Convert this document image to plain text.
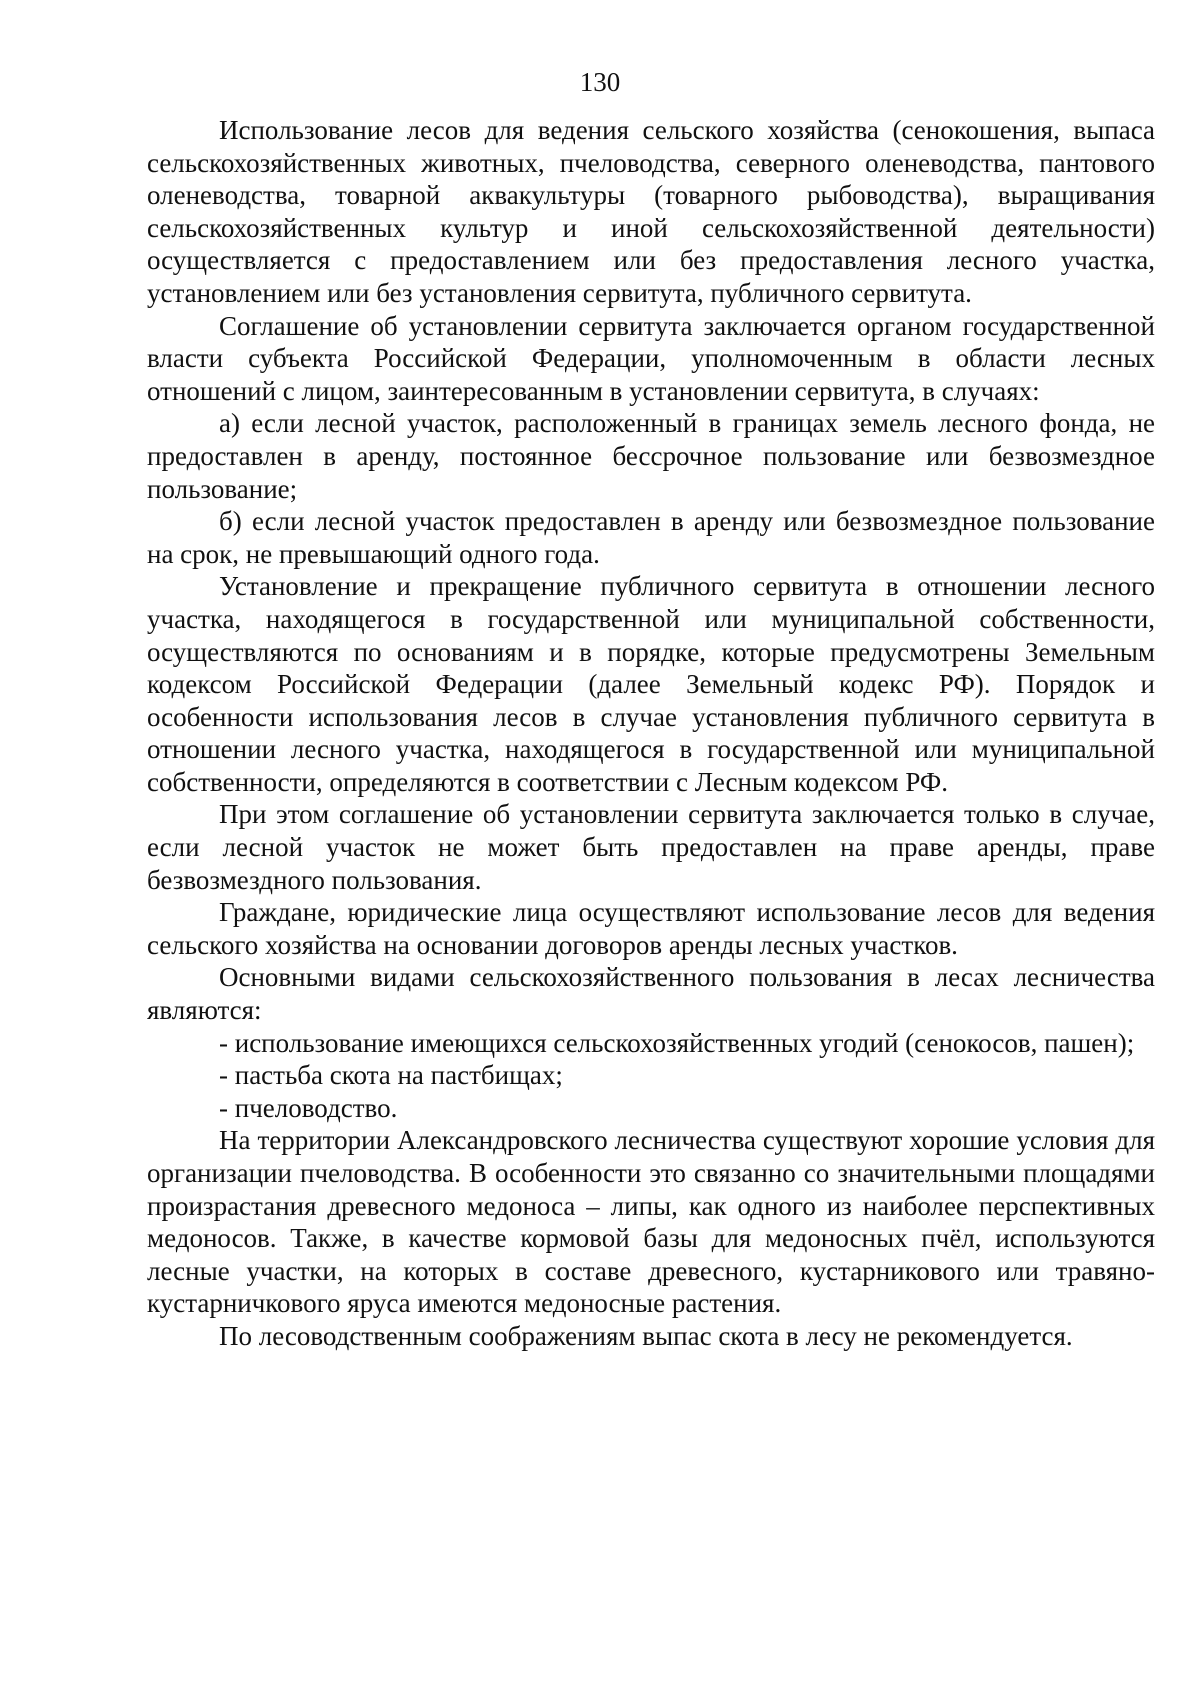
130

Использование лесов для ведения сельского хозяйства (сенокошения, выпаса сельскохозяйственных животных, пчеловодства, северного оленеводства, пантового оленеводства, товарной аквакультуры (товарного рыбоводства), выращивания сельскохозяйственных культур и иной сельскохозяйственной деятельности) осуществляется с предоставлением или без предоставления лесного участка, установлением или без установления сервитута, публичного сервитута.

Соглашение об установлении сервитута заключается органом государственной власти субъекта Российской Федерации, уполномоченным в области лесных отношений с лицом, заинтересованным в установлении сервитута, в случаях:

а) если лесной участок, расположенный в границах земель лесного фонда, не предоставлен в аренду, постоянное бессрочное пользование или безвозмездное пользование;

б) если лесной участок предоставлен в аренду или безвозмездное пользование на срок, не превышающий одного года.

Установление и прекращение публичного сервитута в отношении лесного участка, находящегося в государственной или муниципальной собственности, осуществляются по основаниям и в порядке, которые предусмотрены Земельным кодексом Российской Федерации (далее Земельный кодекс РФ). Порядок и особенности использования лесов в случае установления публичного сервитута в отношении лесного участка, находящегося в государственной или муниципальной собственности, определяются в соответствии с Лесным кодексом РФ.

При этом соглашение об установлении сервитута заключается только в случае, если лесной участок не может быть предоставлен на праве аренды, праве безвозмездного пользования.

Граждане, юридические лица осуществляют использование лесов для ведения сельского хозяйства на основании договоров аренды лесных участков.

Основными видами сельскохозяйственного пользования в лесах лесничества являются:

- использование имеющихся сельскохозяйственных угодий (сенокосов, пашен);

- пастьба скота на пастбищах;

- пчеловодство.

На территории Александровского лесничества существуют хорошие условия для организации пчеловодства. В особенности это связанно со значительными площадями произрастания древесного медоноса – липы, как одного из наиболее перспективных медоносов. Также, в качестве кормовой базы для медоносных пчёл, используются лесные участки, на которых в составе древесного, кустарникового или травяно-кустарничкового яруса имеются медоносные растения.

По лесоводственным соображениям выпас скота в лесу не рекомендуется.
